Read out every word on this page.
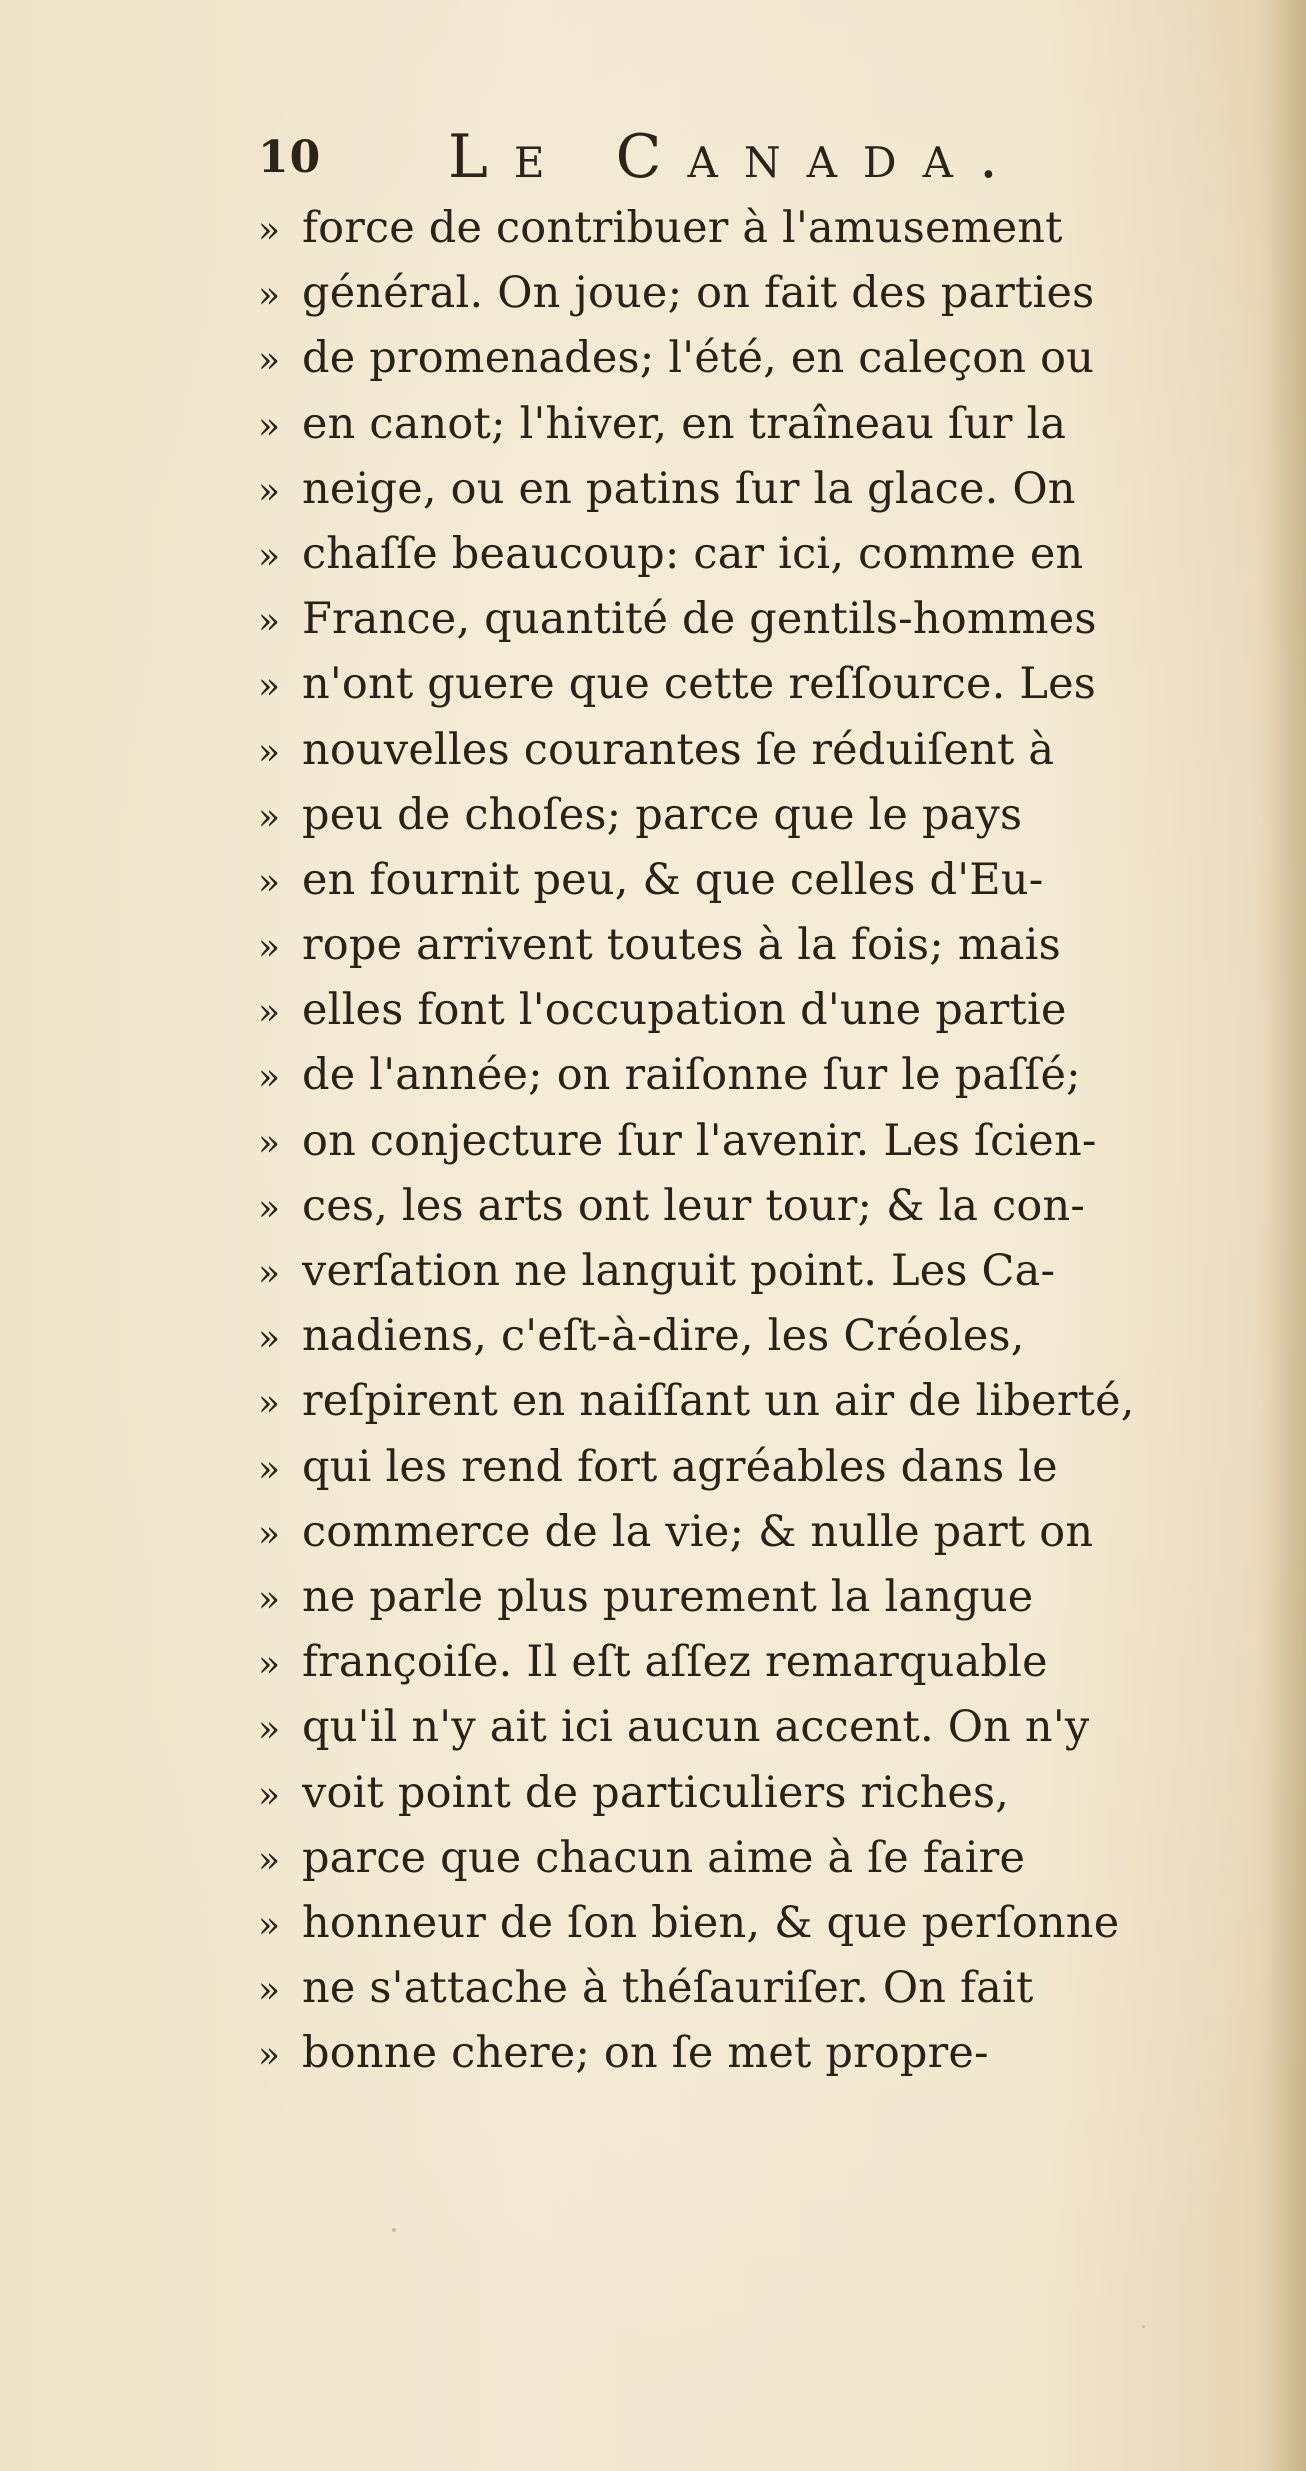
10 Le Canada.
» force de contribuer à l'amusement
» général. On joue; on fait des parties
» de promenades; l'été, en caleçon ou
» en canot; l'hiver, en traîneau ſur la
» neige, ou en patins ſur la glace. On
» chaſſe beaucoup: car ici, comme en
» France, quantité de gentils-hommes
» n'ont guere que cette reſſource. Les
» nouvelles courantes ſe réduiſent à
» peu de choſes; parce que le pays
» en fournit peu, & que celles d'Eu-
» rope arrivent toutes à la fois; mais
» elles font l'occupation d'une partie
» de l'année; on raiſonne ſur le paſſé;
» on conjecture ſur l'avenir. Les ſcien-
» ces, les arts ont leur tour; & la con-
» verſation ne languit point. Les Ca-
» nadiens, c'eſt-à-dire, les Créoles,
» reſpirent en naiſſant un air de liberté,
» qui les rend fort agréables dans le
» commerce de la vie; & nulle part on
» ne parle plus purement la langue
» françoiſe. Il eſt aſſez remarquable
» qu'il n'y ait ici aucun accent. On n'y
» voit point de particuliers riches,
» parce que chacun aime à ſe faire
» honneur de ſon bien, & que perſonne
» ne s'attache à théſauriſer. On fait
» bonne chere; on ſe met propre-
